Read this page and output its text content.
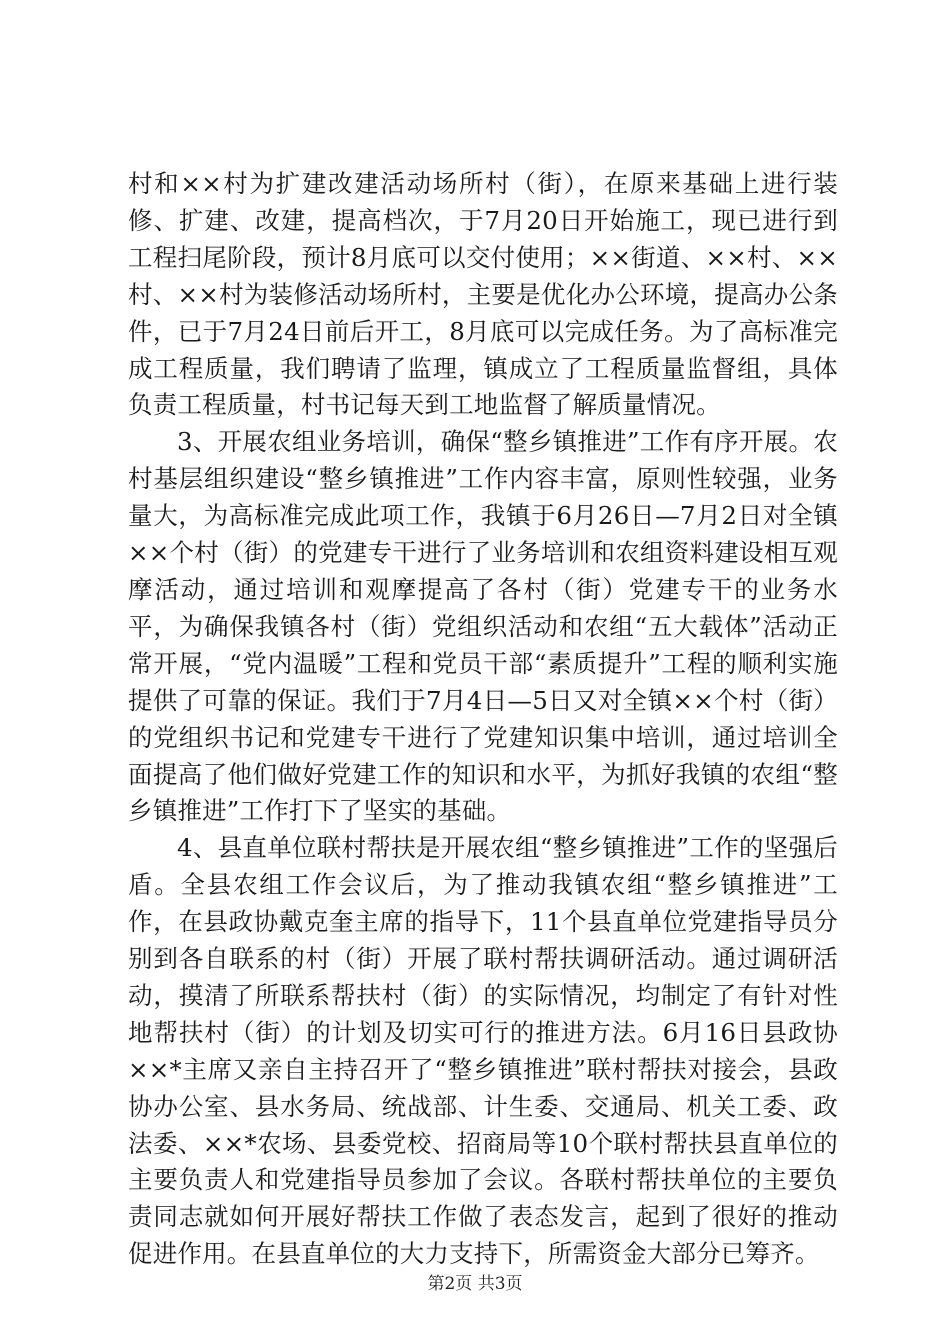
村和××村为扩建改建活动场所村（街），在原来基础上进行装修、扩建、改建，提高档次，于7月20日开始施工，现已进行到工程扫尾阶段，预计8月底可以交付使用；××街道、××村、××村、××村为装修活动场所村，主要是优化办公环境，提高办公条件，已于7月24日前后开工，8月底可以完成任务。为了高标准完成工程质量，我们聘请了监理，镇成立了工程质量监督组，具体负责工程质量，村书记每天到工地监督了解质量情况。

3、开展农组业务培训，确保“整乡镇推进”工作有序开展。农村基层组织建设“整乡镇推进”工作内容丰富，原则性较强，业务量大，为高标准完成此项工作，我镇于6月26日—7月2日对全镇××个村（街）的党建专干进行了业务培训和农组资料建设相互观摩活动，通过培训和观摩提高了各村（街）党建专干的业务水平，为确保我镇各村（街）党组织活动和农组“五大载体”活动正常开展，“党内温暖”工程和党员干部“素质提升”工程的顺利实施提供了可靠的保证。我们于7月4日—5日又对全镇××个村（街）的党组织书记和党建专干进行了党建知识集中培训，通过培训全面提高了他们做好党建工作的知识和水平，为抓好我镇的农组“整乡镇推进”工作打下了坚实的基础。

4、县直单位联村帮扶是开展农组“整乡镇推进”工作的坚强后盾。全县农组工作会议后，为了推动我镇农组“整乡镇推进”工作，在县政协戴克奎主席的指导下，11个县直单位党建指导员分别到各自联系的村（街）开展了联村帮扶调研活动。通过调研活动，摸清了所联系帮扶村（街）的实际情况，均制定了有针对性地帮扶村（街）的计划及切实可行的推进方法。6月16日县政协××*主席又亲自主持召开了“整乡镇推进”联村帮扶对接会，县政协办公室、县水务局、统战部、计生委、交通局、机关工委、政法委、××*农场、县委党校、招商局等10个联村帮扶县直单位的主要负责人和党建指导员参加了会议。各联村帮扶单位的主要负责同志就如何开展好帮扶工作做了表态发言，起到了很好的推动促进作用。在县直单位的大力支持下，所需资金大部分已筹齐。

第2页 共3页
